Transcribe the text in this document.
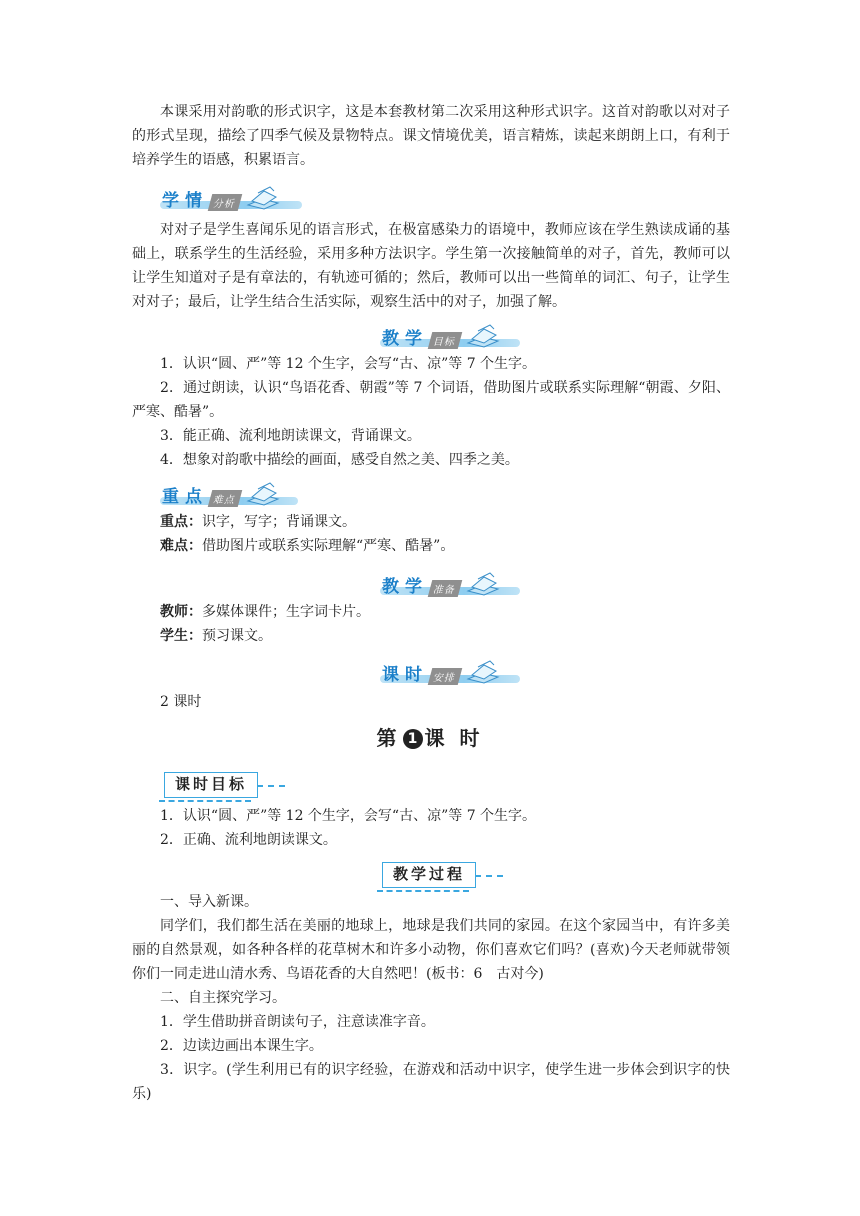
本课采用对韵歌的形式识字，这是本套教材第二次采用这种形式识字。这首对韵歌以对对子的形式呈现，描绘了四季气候及景物特点。课文情境优美，语言精炼，读起来朗朗上口，有利于培养学生的语感，积累语言。

学情 分析

对对子是学生喜闻乐见的语言形式，在极富感染力的语境中，教师应该在学生熟读成诵的基础上，联系学生的生活经验，采用多种方法识字。学生第一次接触简单的对子，首先，教师可以让学生知道对子是有章法的，有轨迹可循的；然后，教师可以出一些简单的词汇、句子，让学生对对子；最后，让学生结合生活实际，观察生活中的对子，加强了解。

教学 目标

1．认识“圆、严”等 12 个生字，会写“古、凉”等 7 个生字。

2．通过朗读，认识“鸟语花香、朝霞”等 7 个词语，借助图片或联系实际理解“朝霞、夕阳、严寒、酷暑”。

3．能正确、流利地朗读课文，背诵课文。

4．想象对韵歌中描绘的画面，感受自然之美、四季之美。

重点 难点

重点：识字，写字；背诵课文。

难点：借助图片或联系实际理解“严寒、酷暑”。

教学 准备

教师：多媒体课件；生字词卡片。

学生：预习课文。

课时 安排

2 课时

第 1 课 时
课时目标

1．认识“圆、严”等 12 个生字，会写“古、凉”等 7 个生字。

2．正确、流利地朗读课文。

教学过程

一、导入新课。

同学们，我们都生活在美丽的地球上，地球是我们共同的家园。在这个家园当中，有许多美丽的自然景观，如各种各样的花草树木和许多小动物，你们喜欢它们吗？(喜欢)今天老师就带领你们一同走进山清水秀、鸟语花香的大自然吧！(板书：6　古对今)

二、自主探究学习。

1．学生借助拼音朗读句子，注意读准字音。

2．边读边画出本课生字。

3．识字。(学生利用已有的识字经验，在游戏和活动中识字，使学生进一步体会到识字的快乐)
